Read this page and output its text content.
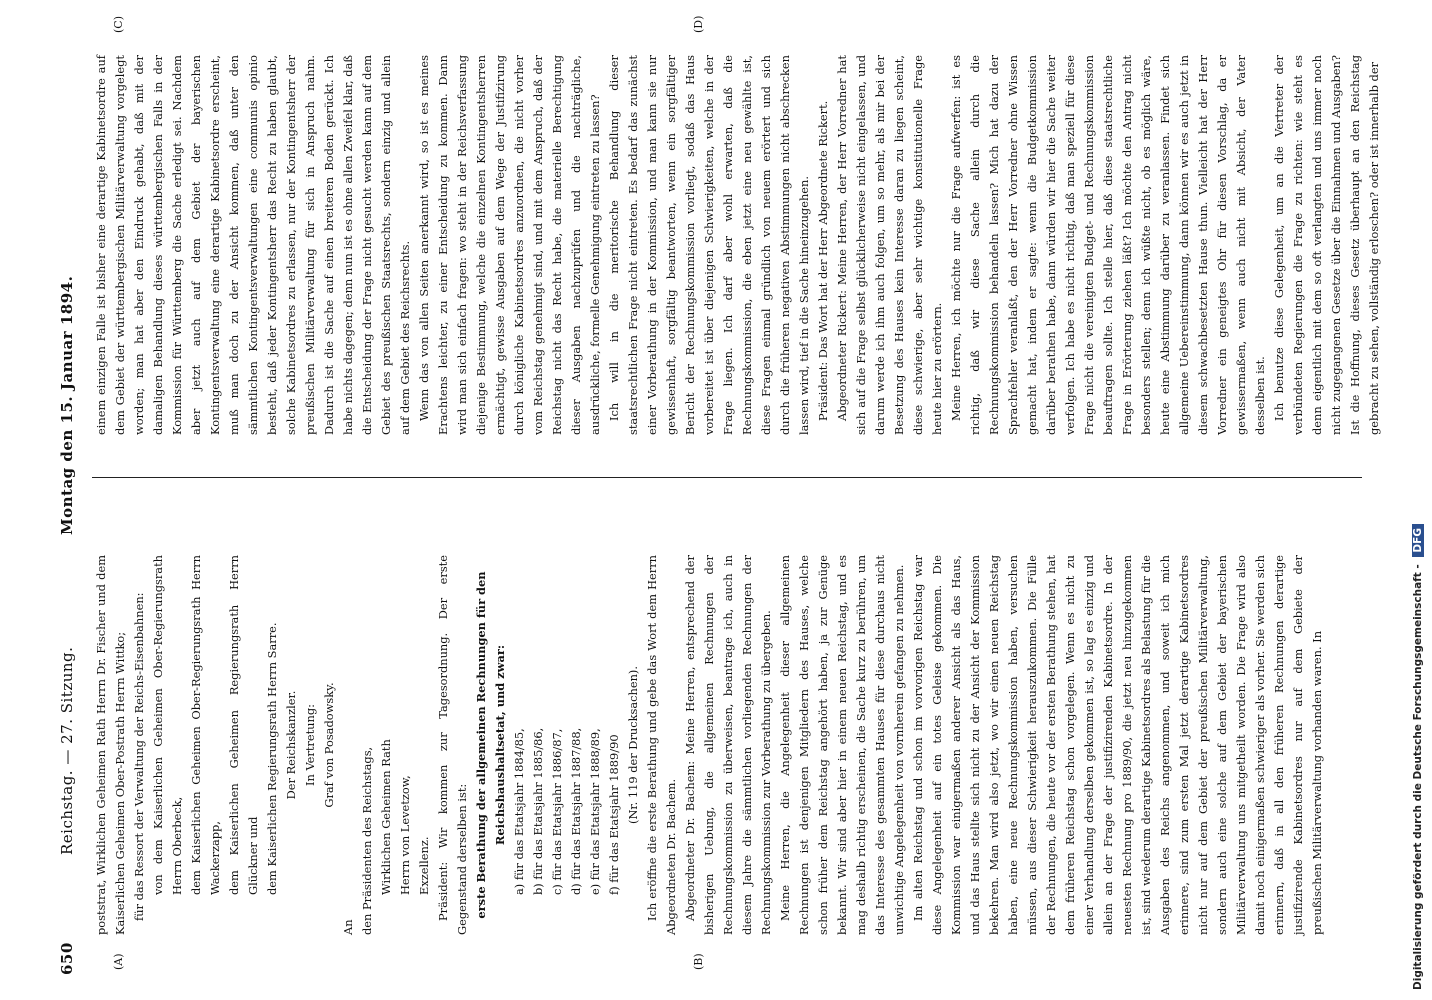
650
Reichstag. — 27. Sitzung.
Montag den 15. Januar 1894.
(A)	(B)
(C)	(D)

poststrat, Wirklichen Geheimen Rath Herrn Dr. Fischer und dem Kaiserlichen Geheimen Ober-Postrath Herrn Wittko; für das Ressort der Verwaltung der Reichs-Eisenbahnen: von dem Kaiserlichen Geheimen Ober-Regierungsrath Herrn Oberbeck, dem Kaiserlichen Geheimen Ober-Regierungsrath Herrn Wackerzapp, dem Kaiserlichen Geheimen Regierungsrath Herrn Glückner und dem Kaiserlichen Regierungsrath Herrn Sarre. Der Reichskanzler. In Vertretung: Graf von Posadowsky.

An den Präsidenten des Reichstags, Wirklichen Geheimen Rath Herrn von Levetzow, Exzellenz. Präsident: Wir kommen zur Tagesordnung. Der erste Gegenstand derselben ist: erste Berathung der allgemeinen Rechnungen für den Reichshaushaltsetat, und zwar: a) für das Etatsjahr 1884/85, b) für das Etatsjahr 1885/86, c) für das Etatsjahr 1886/87, d) für das Etatsjahr 1887/88, e) für das Etatsjahr 1888/89, f) für das Etatsjahr 1889/90 (Nr. 119 der Drucksachen). Ich eröffne die erste Berathung und gebe das Wort dem Herrn Abgeordneten Dr. Bachem. Abgeordneter Dr. Bachem: Meine Herren, entsprechend der bisherigen Uebung, die allgemeinen Rechnungen der Rechnungskommission zu überweisen, beantrage ich, auch in diesem Jahre die sämmtlichen vorliegenden Rechnungen der Rechnungskommission zur Vorberathung zu übergeben. Meine Herren, die Angelegenheit dieser allgemeinen Rechnungen ist denjenigen Mitgliedern des Hauses, welche schon früher dem Reichstag angehört haben, ja zur Genüge bekannt. Wir sind aber hier in einem neuen Reichstag, und es mag deshalb richtig erscheinen, die Sache kurz zu berühren, um das Interesse des gesammten Hauses für diese durchaus nicht unwichtige Angelegenheit von vornherein gefangen zu nehmen. Im alten Reichstag und schon im vorvorigen Reichstag war diese Angelegenheit auf ein totes Geleise gekommen. Die Kommission war einigermaßen anderer Ansicht als das Haus, und das Haus stellte sich nicht zu der Ansicht der Kommission bekehren. Man wird also jetzt, wo wir einen neuen Reichstag haben, eine neue Rechnungskommission haben, versuchen müssen, aus dieser Schwierigkeit herauszukommen. Die Fülle der Rechnungen, die heute vor der ersten Berathung stehen, hat dem früheren Reichstag schon vorgelegen. Wenn es nicht zu einer Verhandlung derselben gekommen ist, so lag es einzig und allein an der Frage der justifizirenden Kabinetsordre. In der neuesten Rechnung pro 1889/90, die jetzt neu hinzugekommen ist, sind wiederum derartige Kabinetsordres als Belastung für die Ausgaben des Reichs angenommen, und soweit ich mich erinnere, sind zum ersten Mal jetzt derartige Kabinetsordres nicht nur auf dem Gebiet der preußischen Militärverwaltung, sondern auch eine solche auf dem Gebiet der bayerischen Militärverwaltung uns mitgetheilt worden. Die Frage wird also damit noch einigermaßen schwieriger als vorher. Sie werden sich erinnern, daß in all den früheren Rechnungen derartige justifizirende Kabinetsordres nur auf dem Gebiete der preußischen Militärverwaltung vorhanden waren. In

einem einzigen Falle ist bisher eine derartige Kabinetsordre auf dem Gebiet der württembergischen Militärverwaltung vorgelegt worden; man hat aber den Eindruck gehabt, daß mit der damaligen Behandlung dieses württembergischen Falls in der Kommission für Württemberg die Sache erledigt sei. Nachdem aber jetzt auch auf dem Gebiet der bayerischen Kontingentsverwaltung eine derartige Kabinetsordre erscheint, muß man doch zu der Ansicht kommen, daß unter den sämmtlichen Kontingentsverwaltungen eine communis opinio besteht, daß jeder Kontingentsherr das Recht zu haben glaubt, solche Kabinetsordres zu erlassen, nur der Kontingentsherr der preußischen Militärverwaltung für sich in Anspruch nahm. Dadurch ist die Sache auf einen breiteren Boden gerückt. Ich habe nichts dagegen; denn nun ist es ohne allen Zweifel klar, daß die Entscheidung der Frage nicht gesucht werden kann auf dem Gebiet des preußischen Staatsrechts, sondern einzig und allein auf dem Gebiet des Reichsrechts. Wenn das von allen Seiten anerkannt wird, so ist es meines Erachtens leichter, zu einer Entscheidung zu kommen. Dann wird man sich einfach fragen: wo steht in der Reichsverfassung diejenige Bestimmung, welche die einzelnen Kontingentsherren ermächtigt, gewisse Ausgaben auf dem Wege der Justifizirung durch königliche Kabinetsordres anzuordnen, die nicht vorher vom Reichstag genehmigt sind, und mit dem Anspruch, daß der Reichstag nicht das Recht habe, die materielle Berechtigung dieser Ausgaben nachzuprüfen und die nachträgliche, ausdrückliche, formelle Genehmigung eintreten zu lassen? Ich will in die meritorische Behandlung dieser staatsrechtlichen Frage nicht eintreten. Es bedarf das zunächst einer Vorberathung in der Kommission, und man kann sie nur gewissenhaft, sorgfältig beantworten, wenn ein sorgfältiger Bericht der Rechnungskommission vorliegt, sodaß das Haus vorbereitet ist über diejenigen Schwierigkeiten, welche in der Frage liegen. Ich darf aber wohl erwarten, daß die Rechnungskommission, die eben jetzt eine neu gewählte ist, diese Fragen einmal gründlich von neuem erörtert und sich durch die früheren negativen Abstimmungen nicht abschrecken lassen wird, tief in die Sache hineinzugehen. Präsident: Das Wort hat der Herr Abgeordnete Rickert. Abgeordneter Rickert: Meine Herren, der Herr Vorredner hat sich auf die Frage selbst glücklicherweise nicht eingelassen, und darum werde ich ihm auch folgen, um so mehr, als mir bei der Besetzung des Hauses kein Interesse daran zu liegen scheint, diese schwierige, aber sehr wichtige konstitutionelle Frage heute hier zu erörtern. Meine Herren, ich möchte nur die Frage aufwerfen: ist es richtig, daß wir diese Sache allein durch die Rechnungskommission behandeln lassen? Mich hat dazu der Sprachfehler veranlaßt, den der Herr Vorredner ohne Wissen gemacht hat, indem er sagte: wenn die Budgetkommission darüber berathen habe, dann würden wir hier die Sache weiter verfolgen. Ich habe es nicht richtig, daß man speziell für diese Frage nicht die vereinigten Budget- und Rechnungskommission beauftragen sollte. Ich stelle hier, daß diese staatsrechtliche Frage in Erörterung ziehen läßt? Ich möchte den Antrag nicht besonders stellen; denn ich wüßte nicht, ob es möglich wäre, heute eine Abstimmung darüber zu veranlassen. Findet sich allgemeine Uebereinstimmung, dann können wir es auch jetzt in diesem schwachbesetzten Hause thun. Vielleicht hat der Herr Vorredner ein geneigtes Ohr für diesen Vorschlag, da er gewissermaßen, wenn auch nicht mit Absicht, der Vater desselben ist. Ich benutze diese Gelegenheit, um an die Vertreter der verbündeten Regierungen die Frage zu richten: wie steht es denn eigentlich mit dem so oft verlangten und uns immer noch nicht zugegangenen Gesetze über die Einnahmen und Ausgaben? Ist die Hoffnung, dieses Gesetz überhaupt an den Reichstag gebracht zu sehen, vollständig erloschen? oder ist innerhalb der

Digitalisierung gefördert durch die Deutsche Forschungsgemeinschaft - DFG
